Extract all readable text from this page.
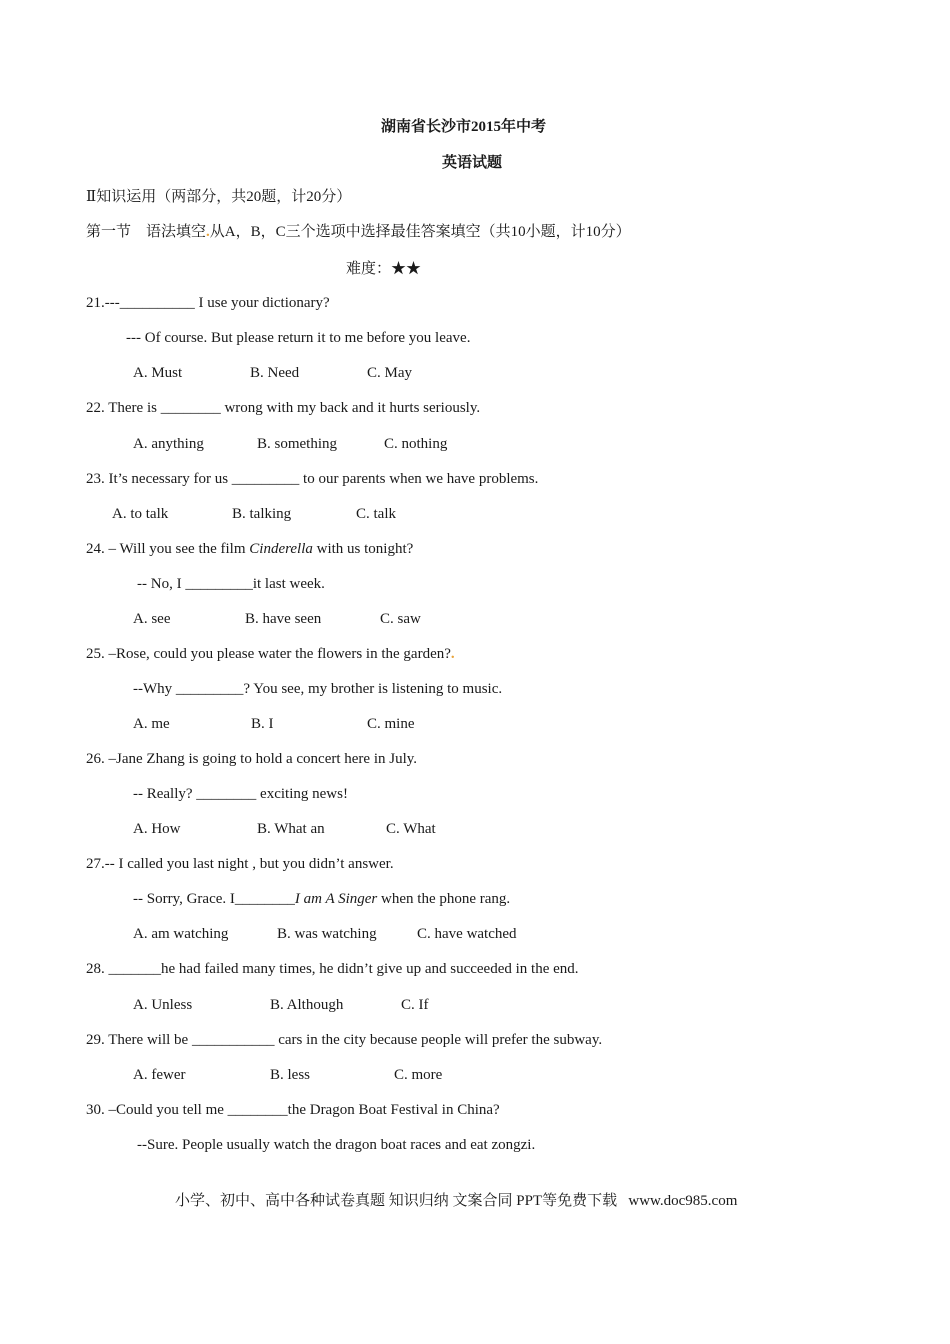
湖南省长沙市2015年中考
英语试题
Ⅱ知识运用（两部分，共20题，计20分）
第一节 语法填空.从A，B，C三个选项中选择最佳答案填空（共10小题，计10分）
难度：★★
21.---__________ I use your dictionary?
--- Of course. But please return it to me before you leave.
A. Must	B. Need	C. May
22. There is ________ wrong with my back and it hurts seriously.
A. anything	B. something	C. nothing
23. It’s necessary for us _________ to our parents when we have problems.
A. to talk	B. talking	C. talk
24. – Will you see the film Cinderella with us tonight?
-- No, I _________it last week.
A. see	B. have seen	C. saw
25. –Rose, could you please water the flowers in the garden?.
--Why _________? You see, my brother is listening to music.
A. me	B. I	C. mine
26. –Jane Zhang is going to hold a concert here in July.
-- Really? ________ exciting news!
A. How	B. What an	C. What
27.-- I called you last night , but you didn’t answer.
-- Sorry, Grace. I________I am A Singer when the phone rang.
A. am watching	B. was watching	C. have watched
28. _______he had failed many times, he didn’t give up and succeeded in the end.
A. Unless	B. Although	C. If
29. There will be ___________ cars in the city because people will prefer the subway.
A. fewer	B. less	C. more
30. –Could you tell me ________the Dragon Boat Festival in China?
--Sure. People usually watch the dragon boat races and eat zongzi.
小学、初中、高中各种试卷真题 知识归纳 文案合同 PPT等免费下载 www.doc985.com
